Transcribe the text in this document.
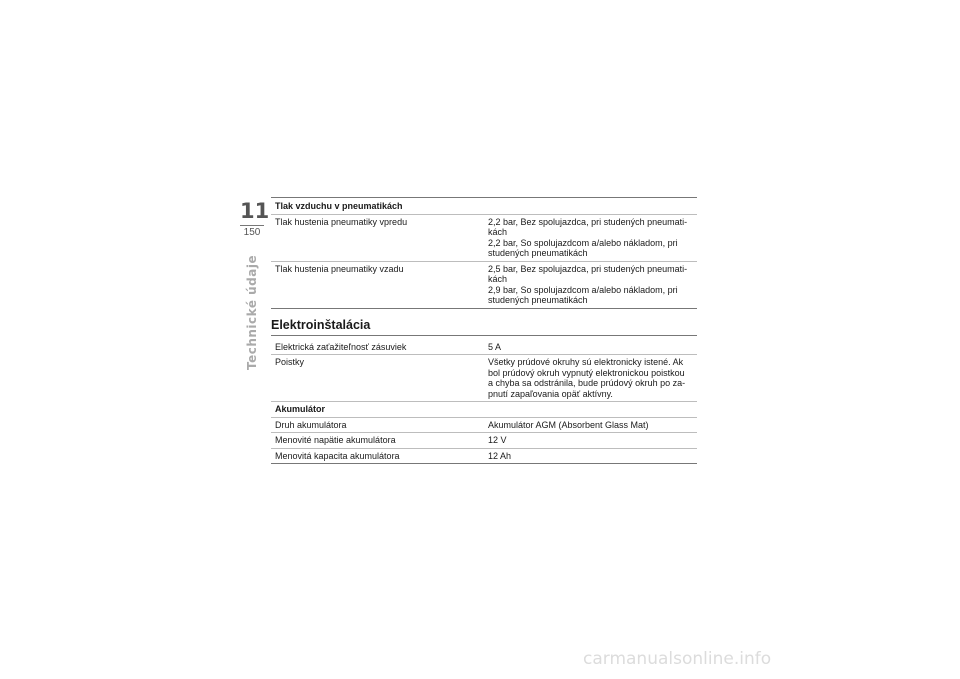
11
150
Technické údaje
Tlak vzduchu v pneumatikách	
Tlak hustenia pneumatiky vpredu	2,2 bar, Bez spolujazdca, pri studených pneumati-
kách
2,2 bar, So spolujazdcom a/alebo nákladom, pri
studených pneumatikách

Tlak hustenia pneumatiky vzadu	2,5 bar, Bez spolujazdca, pri studených pneumati-
kách
2,9 bar, So spolujazdcom a/alebo nákladom, pri
studených pneumatikách
Elektroinštalácia
Elektrická zaťažiteľnosť zásuviek	5 A

Poistky	Všetky prúdové okruhy sú elektronicky istené. Ak
bol prúdový okruh vypnutý elektronickou poistkou
a chyba sa odstránila, bude prúdový okruh po za-
pnutí zapaľovania opäť aktívny.

Akumulátor	
Druh akumulátora	Akumulátor AGM (Absorbent Glass Mat)
Menovité napätie akumulátora	12 V
Menovitá kapacita akumulátora	12 Ah
carmanualsonline.info
